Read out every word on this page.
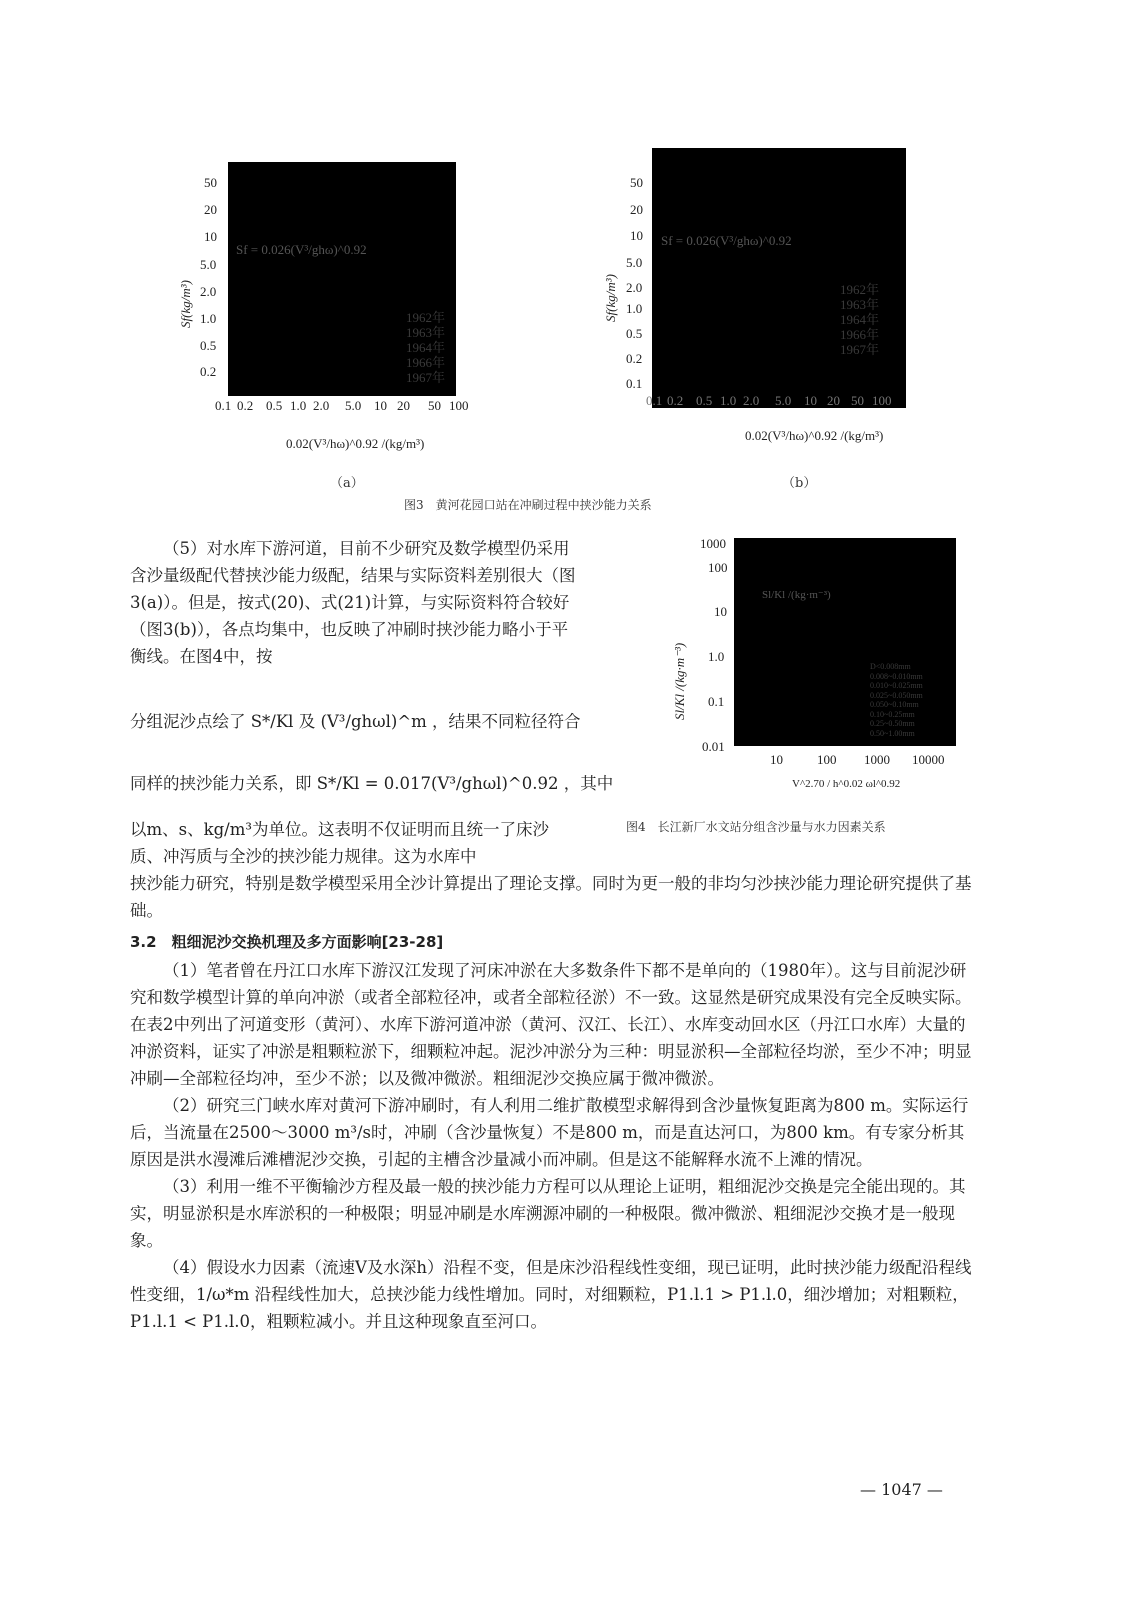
Sf = 0.026(V³/ghω)^0.92
1962年
1963年
1964年
1966年
1967年
50
20
10
5.0
2.0
1.0
0.5
0.2
Sf(kg/m³)
0.1 0.2 0.5 1.0 2.0 5.0 10 20 50 100
0.02(V³/hω)^0.92 /(kg/m³)
（a）
Sf = 0.026(V³/ghω)^0.92
1962年
1963年
1964年
1966年
1967年
50
20
10
5.0
2.0
1.0
0.5
0.2
0.1
Sf(kg/m³)
0.1 0.2 0.5 1.0 2.0 5.0 10 20 50 100
0.02(V³/hω)^0.92 /(kg/m³)
（b）
图3　黄河花园口站在冲刷过程中挟沙能力关系
Sl/Kl /(kg·m⁻³)
D<0.008mm
0.008~0.010mm
0.010~0.025mm
0.025~0.050mm
0.050~0.10mm
0.10~0.25mm
0.25~0.50mm
0.50~1.00mm
1000
100
10
1.0
0.1
0.01
Sl/Kl /(kg·m⁻³)
10	100 1000 10000
V^2.70 / h^0.02 ωl^0.92
图4　长江新厂水文站分组含沙量与水力因素关系

（5）对水库下游河道，目前不少研究及数学模型仍采用含沙量级配代替挟沙能力级配，结果与实际资料差别很大（图3(a)）。但是，按式(20)、式(21)计算，与实际资料符合较好（图3(b)），各点均集中，也反映了冲刷时挟沙能力略小于平衡线。在图4中，按

分组泥沙点绘了 S*/Kl 及 (V³/ghωl)^m ，结果不同粒径符合
同样的挟沙能力关系，即 S*/Kl = 0.017(V³/ghωl)^0.92 ，其中
以m、s、kg/m³为单位。这表明不仅证明而且统一了床沙质、冲泻质与全沙的挟沙能力规律。这为水库中
挟沙能力研究，特别是数学模型采用全沙计算提出了理论支撑。同时为更一般的非均匀沙挟沙能力理论研究提供了基础。
3.2　粗细泥沙交换机理及多方面影响[23-28]

（1）笔者曾在丹江口水库下游汉江发现了河床冲淤在大多数条件下都不是单向的（1980年）。这与目前泥沙研究和数学模型计算的单向冲淤（或者全部粒径冲，或者全部粒径淤）不一致。这显然是研究成果没有完全反映实际。在表2中列出了河道变形（黄河）、水库下游河道冲淤（黄河、汉江、长江）、水库变动回水区（丹江口水库）大量的冲淤资料，证实了冲淤是粗颗粒淤下，细颗粒冲起。泥沙冲淤分为三种：明显淤积—全部粒径均淤，至少不冲；明显冲刷—全部粒径均冲，至少不淤；以及微冲微淤。粗细泥沙交换应属于微冲微淤。

（2）研究三门峡水库对黄河下游冲刷时，有人利用二维扩散模型求解得到含沙量恢复距离为800 m。实际运行后，当流量在2500～3000 m³/s时，冲刷（含沙量恢复）不是800 m，而是直达河口，为800 km。有专家分析其原因是洪水漫滩后滩槽泥沙交换，引起的主槽含沙量减小而冲刷。但是这不能解释水流不上滩的情况。

（3）利用一维不平衡输沙方程及最一般的挟沙能力方程可以从理论上证明，粗细泥沙交换是完全能出现的。其实，明显淤积是水库淤积的一种极限；明显冲刷是水库溯源冲刷的一种极限。微冲微淤、粗细泥沙交换才是一般现象。

（4）假设水力因素（流速V及水深h）沿程不变，但是床沙沿程线性变细，现已证明，此时挟沙能力级配沿程线性变细，1/ω*m 沿程线性加大，总挟沙能力线性增加。同时，对细颗粒，P1.l.1 > P1.l.0，细沙增加；对粗颗粒，P1.l.1 < P1.l.0，粗颗粒减小。并且这种现象直至河口。

— 1047 —
